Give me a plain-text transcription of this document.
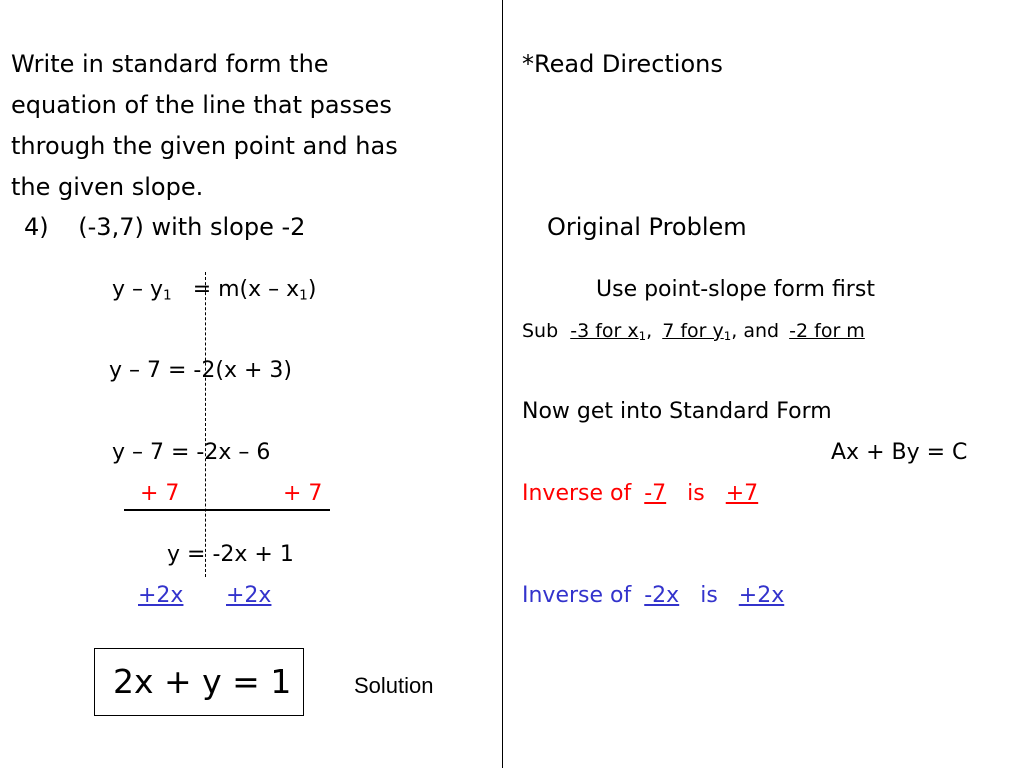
Write in standard form the
equation of the line that passes
through the given point and has
the given slope.
4) (-3,7) with slope -2
$y - y_1 = m(x - x_1)$
y – 7 = -2(x + 3)
y – 7 = -2x – 6
+ 7	+ 7
y = -2x + 1
+2x +2x
2x + y = 1	Solution
*Read Directions
Original Problem
Use point-slope form first
Sub -3 for $x_1$, 7 for $y_1$, and -2 for m
Now get into Standard Form
Ax + By = C
Inverse of -7 is +7
Inverse of -2x is +2x
